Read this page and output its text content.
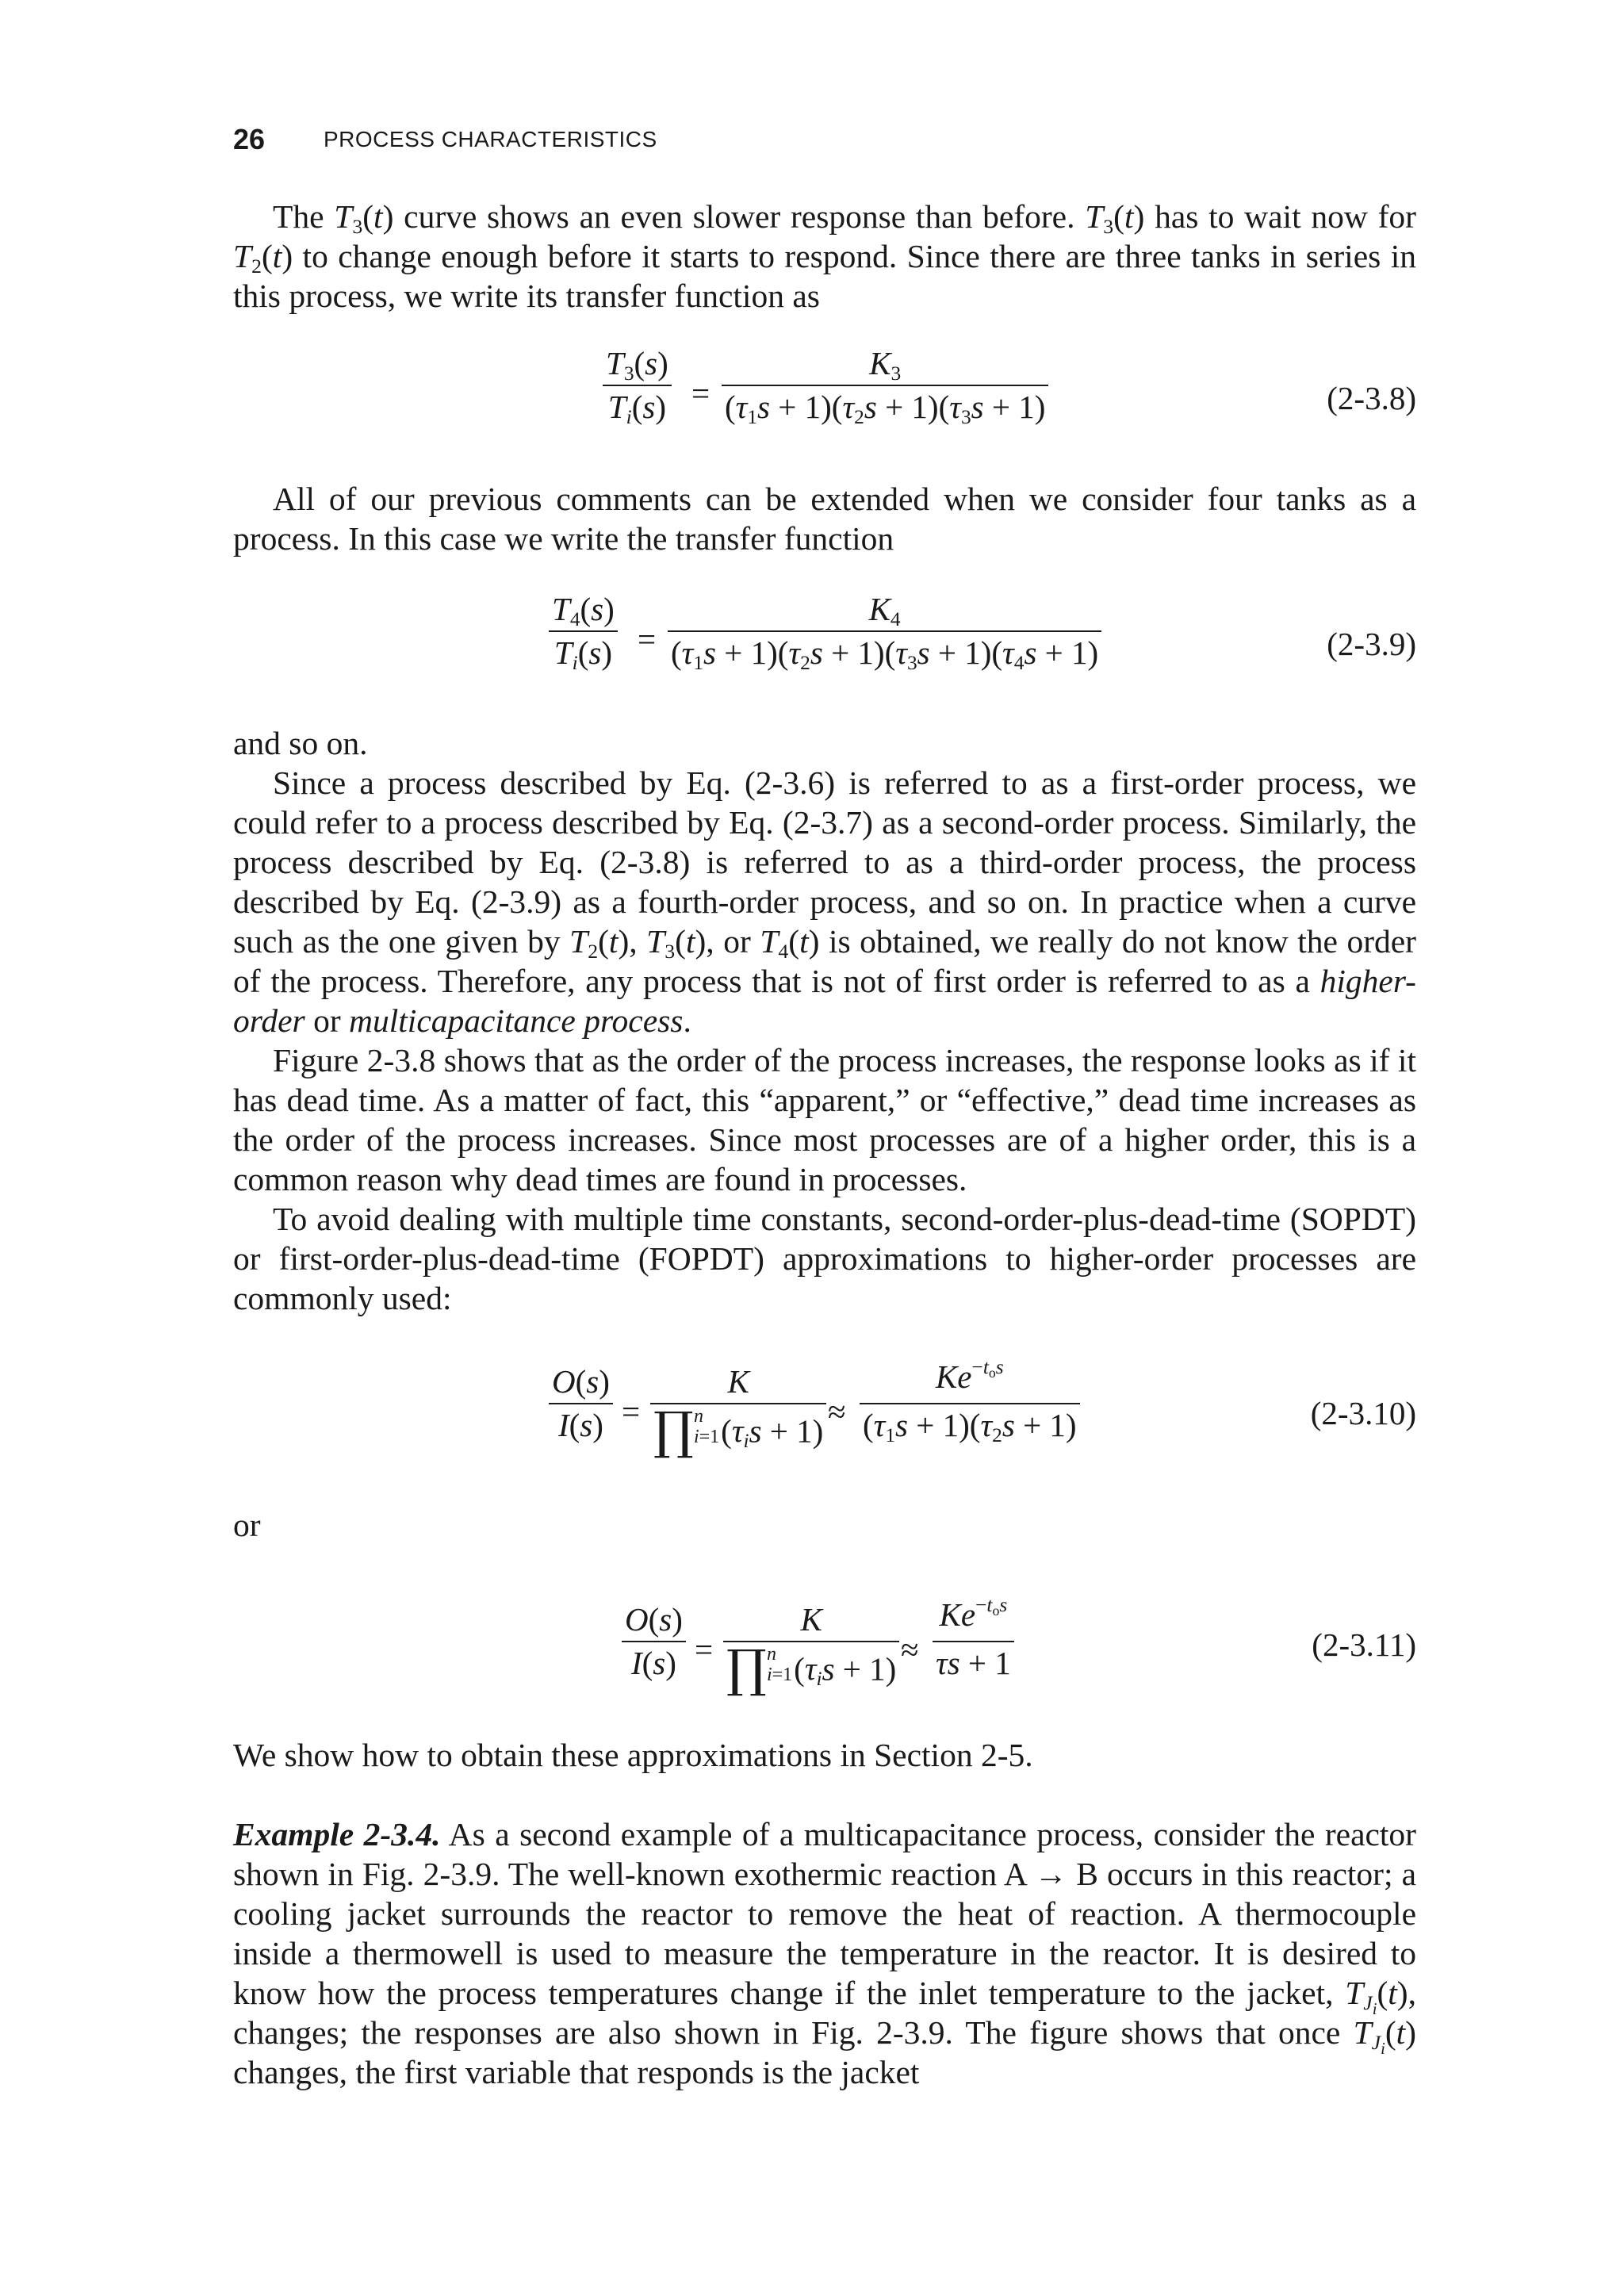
26	PROCESS CHARACTERISTICS

The $T_3(t)$ curve shows an even slower response than before. $T_3(t)$ has to wait now for $T_2(t)$ to change enough before it starts to respond. Since there are three tanks in series in this process, we write its transfer function as

$\frac{T_3(s)}{T_i(s)} = \frac{K_3}{(\tau_1s + 1)(\tau_2s + 1)(\tau_3s + 1)}$	(2-3.8)

All of our previous comments can be extended when we consider four tanks as a process. In this case we write the transfer function

$\frac{T_4(s)}{T_i(s)} = \frac{K_4}{(\tau_1s + 1)(\tau_2s + 1)(\tau_3s + 1)(\tau_4s + 1)}$	(2-3.9)

and so on.

Since a process described by Eq. (2-3.6) is referred to as a first-order process, we could refer to a process described by Eq. (2-3.7) as a second-order process. Similarly, the process described by Eq. (2-3.8) is referred to as a third-order process, the process described by Eq. (2-3.9) as a fourth-order process, and so on. In practice when a curve such as the one given by $T_2(t)$, $T_3(t)$, or $T_4(t)$ is obtained, we really do not know the order of the process. Therefore, any process that is not of first order is referred to as a higher-order or multicapacitance process.

Figure 2-3.8 shows that as the order of the process increases, the response looks as if it has dead time. As a matter of fact, this “apparent,” or “effective,” dead time increases as the order of the process increases. Since most processes are of a higher order, this is a common reason why dead times are found in processes.

To avoid dealing with multiple time constants, second-order-plus-dead-time (SOPDT) or first-order-plus-dead-time (FOPDT) approximations to higher-order processes are commonly used:

$\frac{O(s)}{I(s)}$ =
K
∏n
$i=1(\tau_is + 1)$
≈
$Ke^{-t_os}$
$(\tau_1s + 1)(\tau_2s + 1)$	(2-3.10)

or

$\frac{O(s)}{I(s)}$ =
K
∏n
$i=1(\tau_is + 1)$
≈
$Ke^{-t_os}$
τs + 1	(2-3.11)

We show how to obtain these approximations in Section 2-5.

Example 2-3.4. As a second example of a multicapacitance process, consider the reactor shown in Fig. 2-3.9. The well-known exothermic reaction A → B occurs in this reactor; a cooling jacket surrounds the reactor to remove the heat of reaction. A thermocouple inside a thermowell is used to measure the temperature in the reactor. It is desired to know how the process temperatures change if the inlet temperature to the jacket, $T_{J_i}(t)$, changes; the responses are also shown in Fig. 2-3.9. The figure shows that once $T_{J_i}(t)$ changes, the first variable that responds is the jacket
